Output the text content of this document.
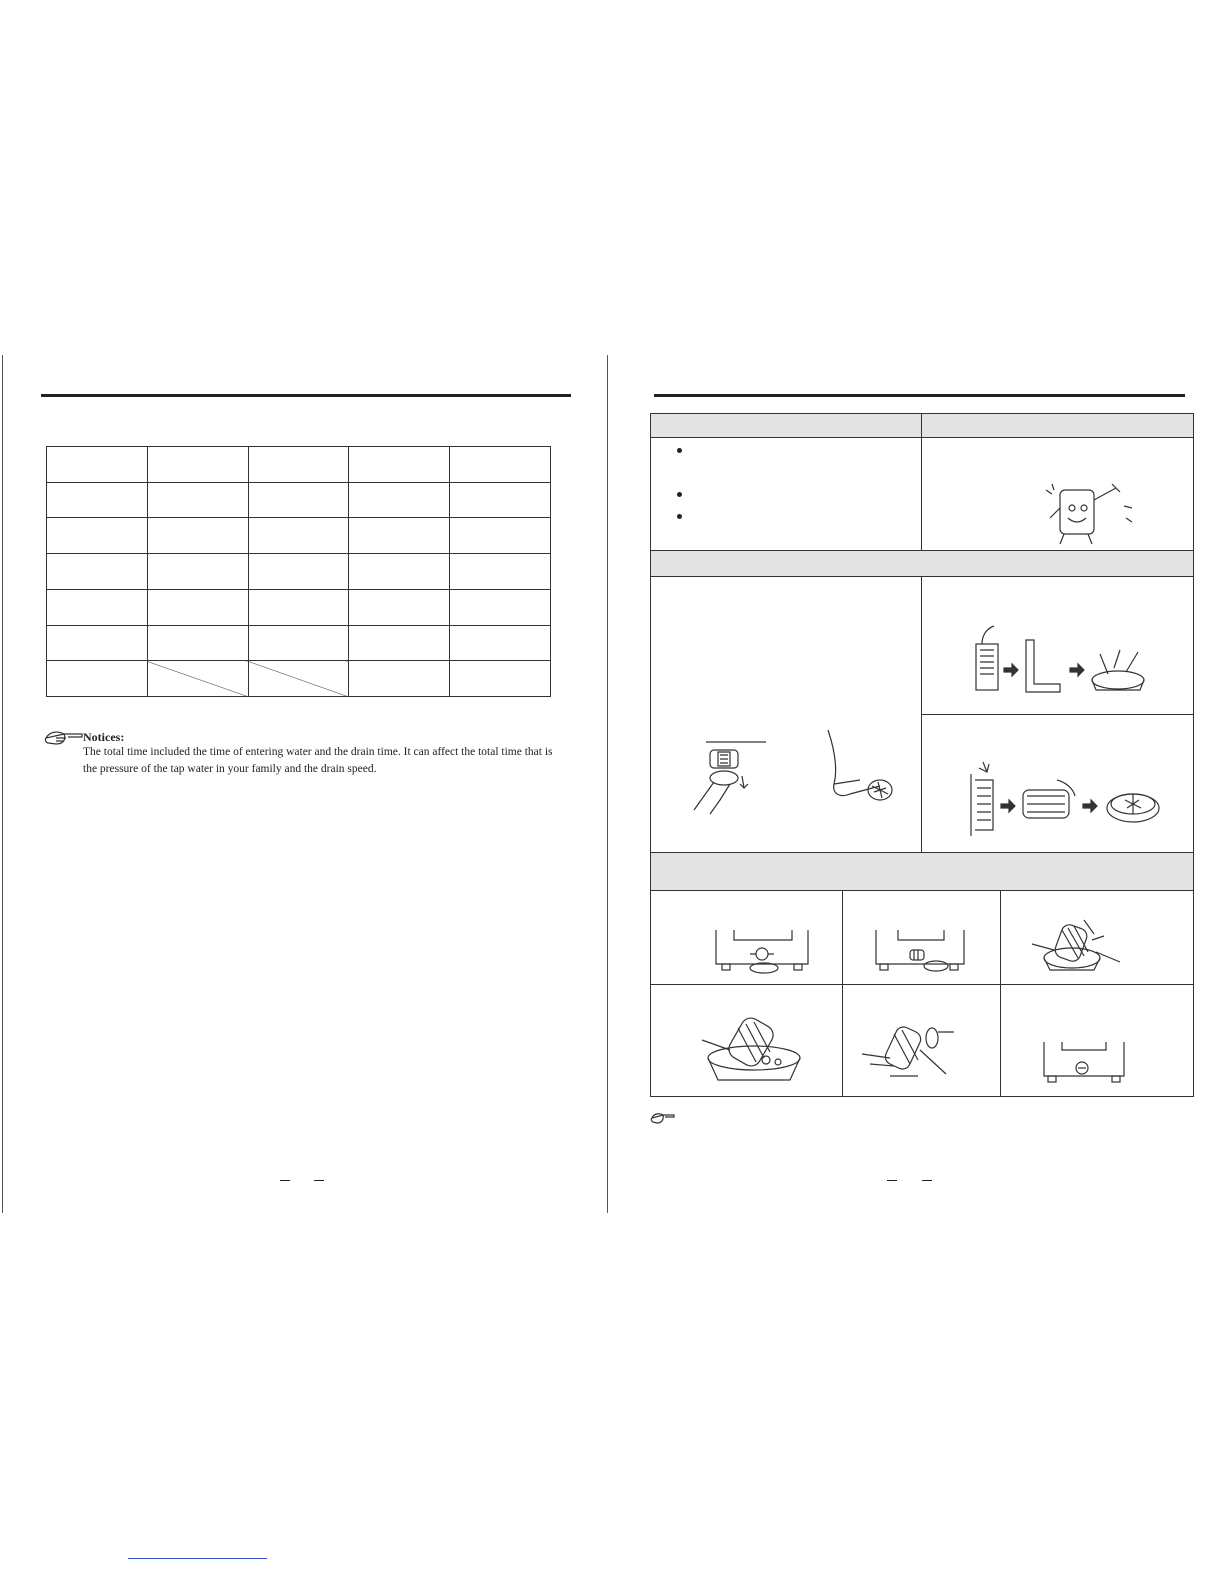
Notices:
The total time included the time of entering water and the drain time. It can affect the total time that is the pressure of the tap water in your family and the drain speed.
